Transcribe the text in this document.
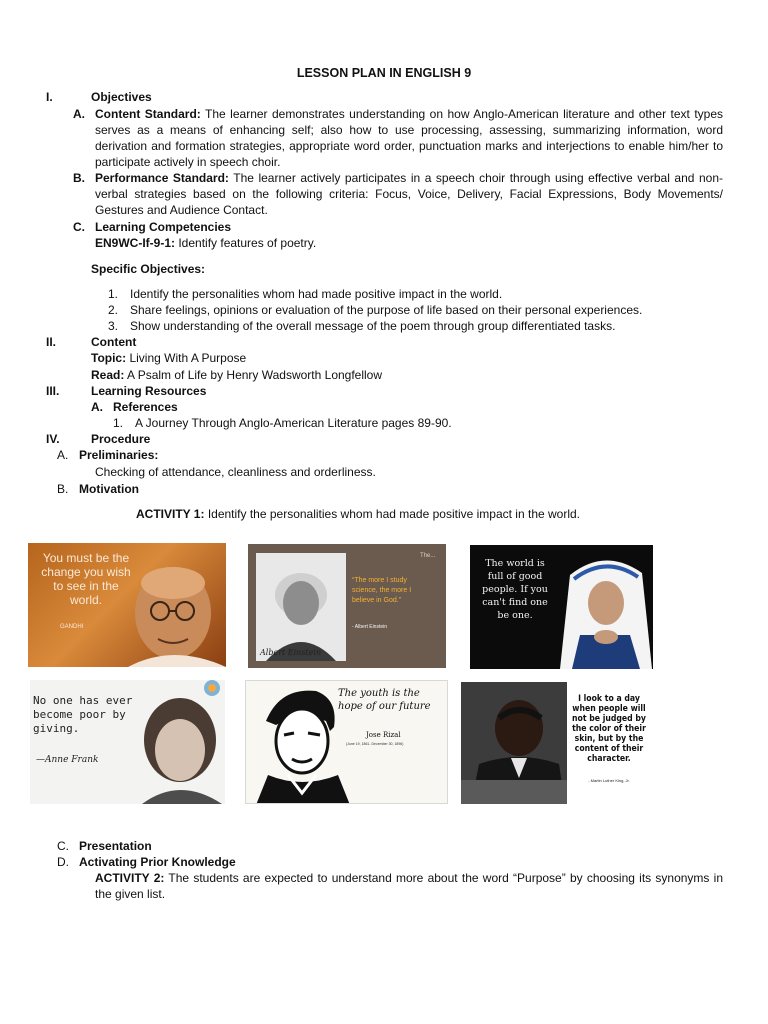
LESSON PLAN IN ENGLISH 9
I.	Objectives
A. Content Standard: The learner demonstrates understanding on how Anglo-American literature and other text types serves as a means of enhancing self; also how to use processing, assessing, summarizing information, word derivation and formation strategies, appropriate word order, punctuation marks and interjections to enable him/her to participate actively in speech choir.
B. Performance Standard: The learner actively participates in a speech choir through using effective verbal and non-verbal strategies based on the following criteria: Focus, Voice, Delivery, Facial Expressions, Body Movements/ Gestures and Audience Contact.
C. Learning Competencies
EN9WC-If-9-1: Identify features of poetry.
Specific Objectives:
1. Identify the personalities whom had made positive impact in the world.
2. Share feelings, opinions or evaluation of the purpose of life based on their personal experiences.
3. Show understanding of the overall message of the poem through group differentiated tasks.
II.	Content
Topic: Living With A Purpose
Read: A Psalm of Life by Henry Wadsworth Longfellow
III.	Learning Resources
A. References
1. A Journey Through Anglo-American Literature pages 89-90.
IV.	Procedure
A. Preliminaries:
Checking of attendance, cleanliness and orderliness.
B. Motivation
ACTIVITY 1: Identify the personalities whom had made positive impact in the world.
You must be the change you wish to see in the world.
GANDHI
Albert Einstein
“The more I study science, the more I believe in God.”
- Albert Einstein
The...
The world is full of good people. If you can't find one be one.
No one has ever become poor by giving.
—Anne Frank
The youth is the hope of our future
Jose Rizal
(June 19, 1861- December 30, 1896)
I look to a day when people will not be judged by the color of their skin, but by the content of their character.
- Martin Luther King, Jr.
C. Presentation
D. Activating Prior Knowledge
ACTIVITY 2: The students are expected to understand more about the word “Purpose” by choosing its synonyms in the given list.
